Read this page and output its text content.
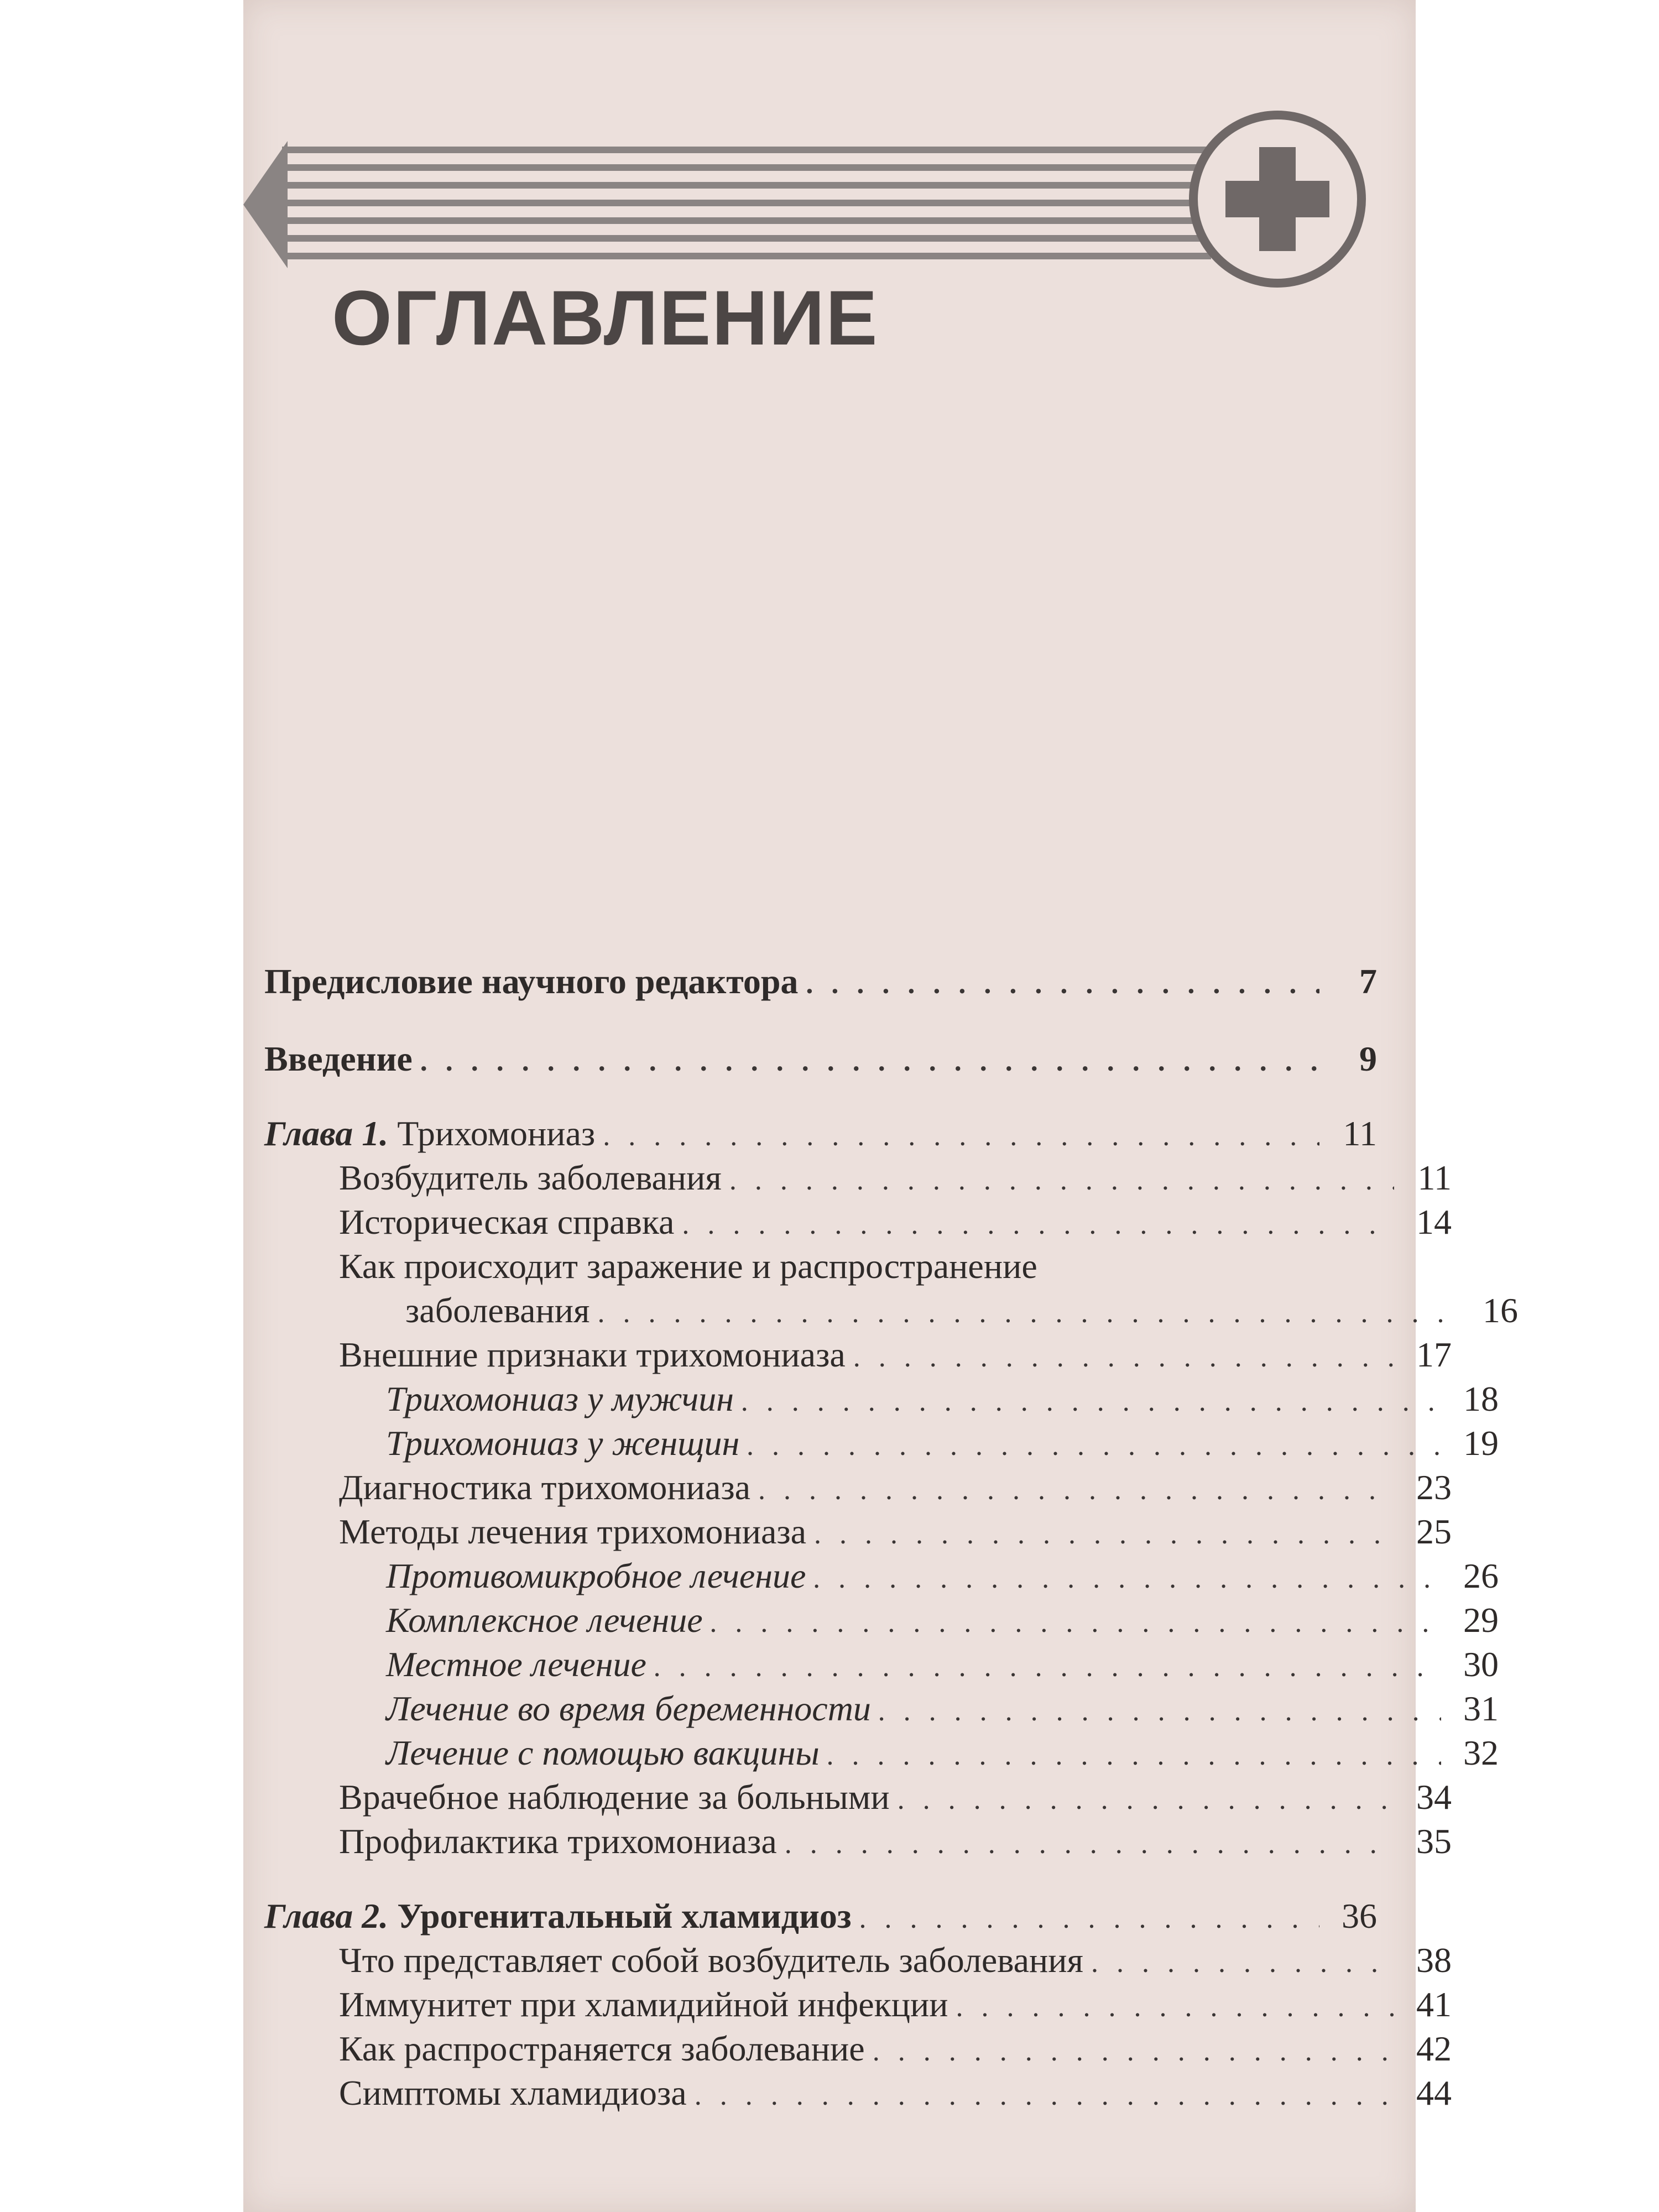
ОГЛАВЛЕНИЕ
Предисловие научного редактора . . .	7
Введение . . .	9
Глава 1. Трихомониаз . . .	11
Возбудитель заболевания . . .	11
Историческая справка . . .	14
Как происходит заражение и распространение
заболевания . . .	16
Внешние признаки трихомониаза . . .	17
Трихомониаз у мужчин . . .	18
Трихомониаз у женщин . . .	19
Диагностика трихомониаза . . .	23
Методы лечения трихомониаза . . .	25
Противомикробное лечение . . .	26
Комплексное лечение . . .	29
Местное лечение . . .	30
Лечение во время беременности . . .	31
Лечение с помощью вакцины . . .	32
Врачебное наблюдение за больными . . .	34
Профилактика трихомониаза . . .	35
Глава 2. Урогенитальный хламидиоз . . .	36
Что представляет собой возбудитель заболевания . . .	38
Иммунитет при хламидийной инфекции . . .	41
Как распространяется заболевание . . .	42
Симптомы хламидиоза . . .	44
